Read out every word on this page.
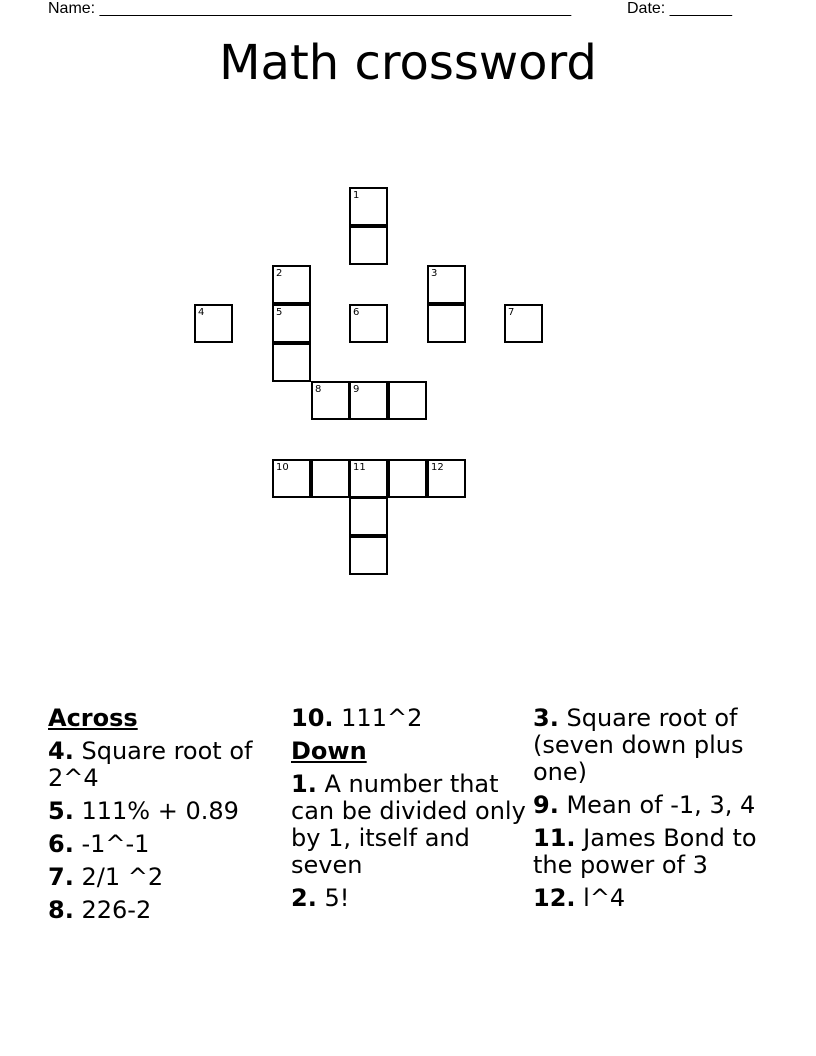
Name: _____________________________________________________	Date: _______
Math crossword
1
2
5
3
4	6	7
8	9
10	11	12
Across
4. Square root of 2^4
5. 111% + 0.89
6. -1^-1
7. 2/1 ^2
8. 226-2
10. 111^2
Down
1. A number that can be divided only by 1, itself and seven
2. 5!
3. Square root of (seven down plus one)
9. Mean of -1, 3, 4
11. James Bond to the power of 3
12. l^4
